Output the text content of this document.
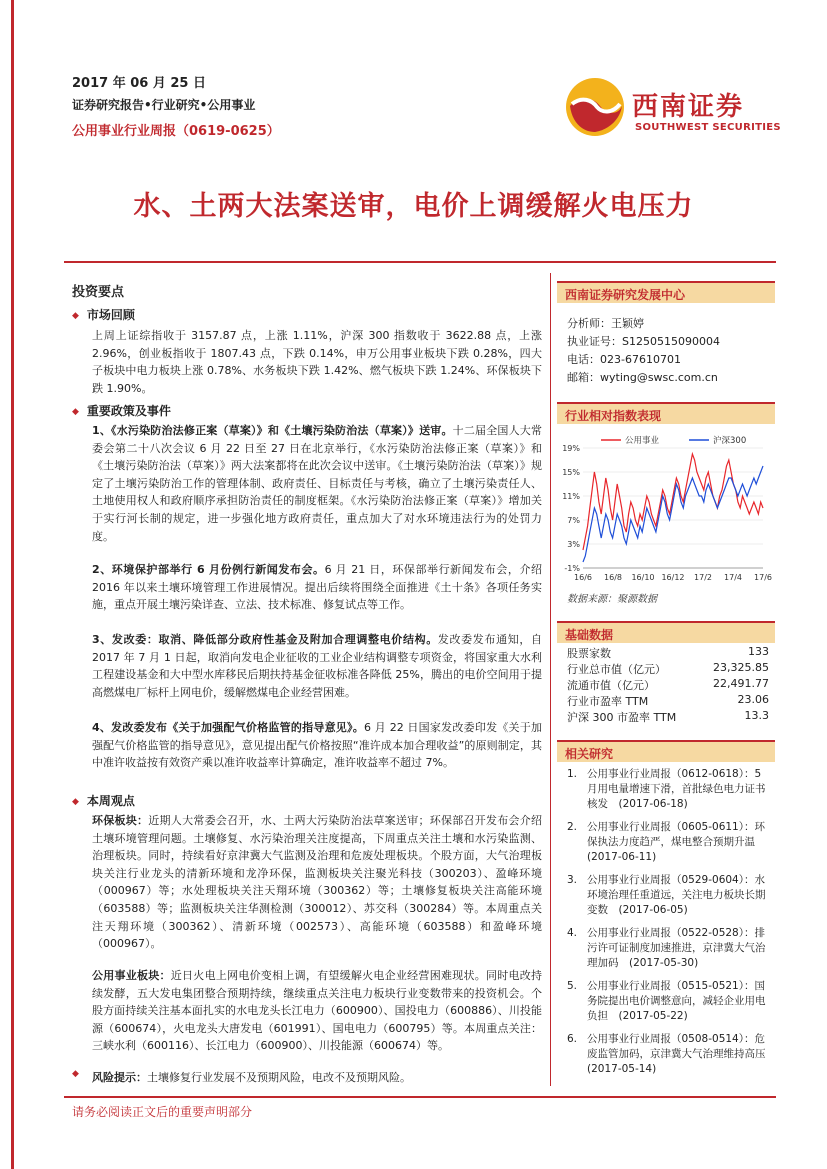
2017 年 06 月 25 日
证券研究报告•行业研究•公用事业
公用事业行业周报（0619-0625）
西南证券
SOUTHWEST SECURITIES
水、土两大法案送审，电价上调缓解火电压力
投资要点
◆ 市场回顾
上周上证综指收于 3157.87 点，上涨 1.11%，沪深 300 指数收于 3622.88 点，上涨 2.96%，创业板指收于 1807.43 点，下跌 0.14%，申万公用事业板块下跌 0.28%，四大子板块中电力板块上涨 0.78%、水务板块下跌 1.42%、燃气板块下跌 1.24%、环保板块下跌 1.90%。
◆ 重要政策及事件
1、《水污染防治法修正案（草案）》和《土壤污染防治法（草案）》送审。十二届全国人大常委会第二十八次会议 6 月 22 日至 27 日在北京举行，《水污染防治法修正案（草案）》和《土壤污染防治法（草案）》两大法案都将在此次会议中送审。《土壤污染防治法（草案）》规定了土壤污染防治工作的管理体制、政府责任、目标责任与考核，确立了土壤污染责任人、土地使用权人和政府顺序承担防治责任的制度框架。《水污染防治法修正案（草案）》增加关于实行河长制的规定，进一步强化地方政府责任，重点加大了对水环境违法行为的处罚力度。
2、环境保护部举行 6 月份例行新闻发布会。6 月 21 日，环保部举行新闻发布会，介绍 2016 年以来土壤环境管理工作进展情况。提出后续将围绕全面推进《土十条》各项任务实施，重点开展土壤污染详查、立法、技术标准、修复试点等工作。
3、发改委：取消、降低部分政府性基金及附加合理调整电价结构。发改委发布通知，自 2017 年 7 月 1 日起，取消向发电企业征收的工业企业结构调整专项资金，将国家重大水利工程建设基金和大中型水库移民后期扶持基金征收标准各降低 25%，腾出的电价空间用于提高燃煤电厂标杆上网电价，缓解燃煤电企业经营困难。
4、发改委发布《关于加强配气价格监管的指导意见》。6 月 22 日国家发改委印发《关于加强配气价格监管的指导意见》，意见提出配气价格按照“准许成本加合理收益”的原则制定，其中准许收益按有效资产乘以准许收益率计算确定，准许收益率不超过 7%。
◆ 本周观点
环保板块：近期人大常委会召开，水、土两大污染防治法草案送审；环保部召开发布会介绍土壤环境管理问题。土壤修复、水污染治理关注度提高，下周重点关注土壤和水污染监测、治理板块。同时，持续看好京津冀大气监测及治理和危废处理板块。个股方面，大气治理板块关注行业龙头的清新环境和龙净环保，监测板块关注聚光科技（300203）、盈峰环境（000967）等；水处理板块关注天翔环境（300362）等；土壤修复板块关注高能环境（603588）等；监测板块关注华测检测（300012）、苏交科（300284）等。本周重点关注天翔环境（300362）、清新环境（002573）、高能环境（603588）和盈峰环境（000967）。
公用事业板块：近日火电上网电价变相上调，有望缓解火电企业经营困难现状。同时电改持续发酵，五大发电集团整合预期持续，继续重点关注电力板块行业变数带来的投资机会。个股方面持续关注基本面扎实的水电龙头长江电力（600900）、国投电力（600886）、川投能源（600674），火电龙头大唐发电（601991）、国电电力（600795）等。本周重点关注：三峡水利（600116）、长江电力（600900）、川投能源（600674）等。
风险提示：土壤修复行业发展不及预期风险，电改不及预期风险。
◆
西南证券研究发展中心
分析师：王颖婷
执业证号：S1250515090004
电话：023-67610701
邮箱：wyting@swsc.com.cn
行业相对指数表现
19%
15%
11%
7%
3%
-1%
16/6 16/8 16/10 16/12 17/2 17/4 17/6
公用事业	沪深300
数据来源：聚源数据
基础数据
股票家数	133
行业总市值（亿元）	23,325.85
流通市值（亿元）	22,491.77
行业市盈率 TTM	23.06
沪深 300 市盈率 TTM	13.3
相关研究
1. 公用事业行业周报（0612-0618）：5 月用电量增速下滑，首批绿色电力证书核发　(2017-06-18)
2. 公用事业行业周报（0605-0611）：环保执法力度趋严，煤电整合预期升温 (2017-06-11)
3. 公用事业行业周报（0529-0604）：水环境治理任重道远，关注电力板块长期变数　(2017-06-05)
4. 公用事业行业周报（0522-0528）：排污许可证制度加速推进，京津冀大气治理加码　(2017-05-30)
5. 公用事业行业周报（0515-0521）：国务院提出电价调整意向，减轻企业用电负担　(2017-05-22)
6. 公用事业行业周报（0508-0514）：危废监管加码，京津冀大气治理维持高压 (2017-05-14)
请务必阅读正文后的重要声明部分
